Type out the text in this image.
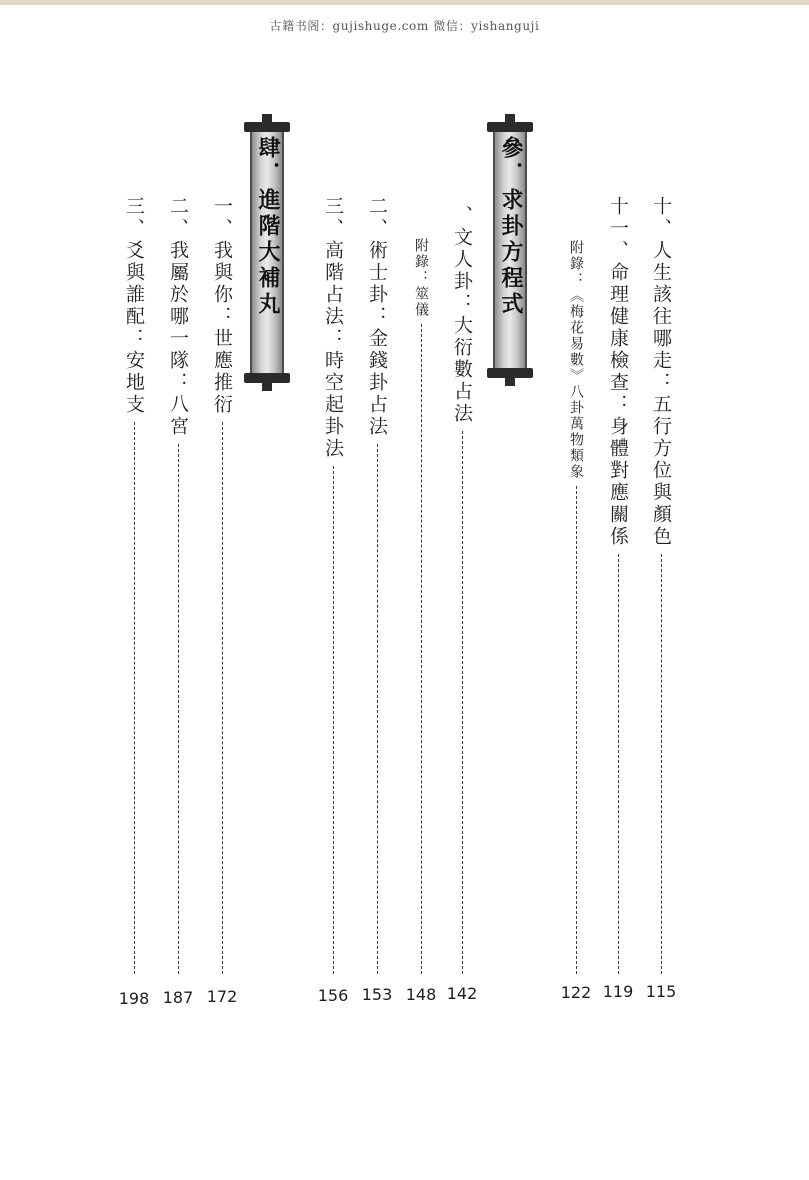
古籍书阁：gujishuge.com 微信：yishanguji
參．求卦方程式
肆．進階大補丸	十、人生該往哪走：五行方位與顏色
十一、命理健康檢查：身體對應關係
附錄：《梅花易數》八卦萬物類象
、文人卦：大衍數占法
附錄：筮儀
二、術士卦：金錢卦占法
三、高階占法：時空起卦法
一、我與你：世應推衍
二、我屬於哪一隊：八宮
三、爻與誰配：安地支
115
119
122
142
148
153
156
172
187
198
